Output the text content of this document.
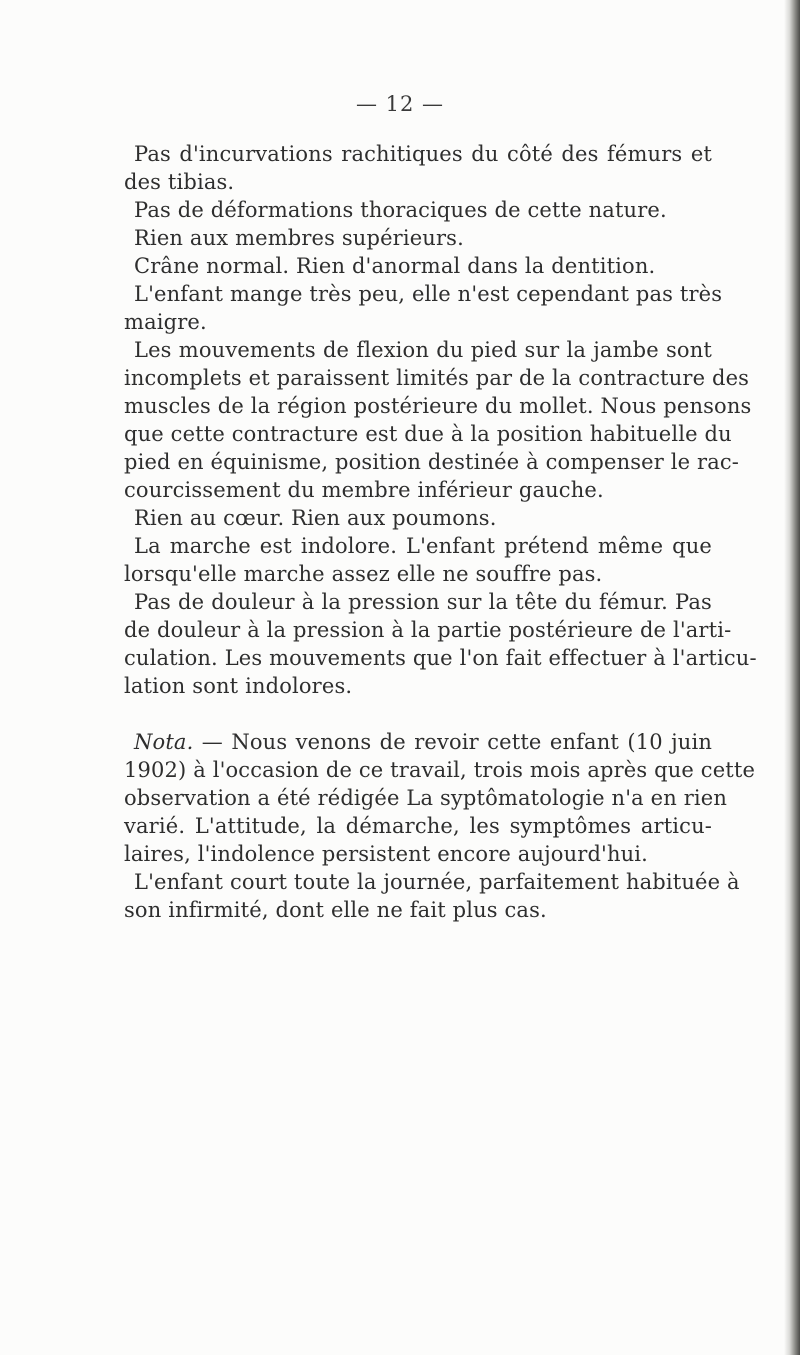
— 12 —
Pas d'incurvations rachitiques du côté des fémurs et
des tibias.
Pas de déformations thoraciques de cette nature.
Rien aux membres supérieurs.
Crâne normal. Rien d'anormal dans la dentition.
L'enfant mange très peu, elle n'est cependant pas très
maigre.
Les mouvements de flexion du pied sur la jambe sont
incomplets et paraissent limités par de la contracture des
muscles de la région postérieure du mollet. Nous pensons
que cette contracture est due à la position habituelle du
pied en équinisme, position destinée à compenser le rac-
courcissement du membre inférieur gauche.
Rien au cœur. Rien aux poumons.
La marche est indolore. L'enfant prétend même que
lorsqu'elle marche assez elle ne souffre pas.
Pas de douleur à la pression sur la tête du fémur. Pas
de douleur à la pression à la partie postérieure de l'arti-
culation. Les mouvements que l'on fait effectuer à l'articu-
lation sont indolores.
Nota. — Nous venons de revoir cette enfant (10 juin
1902) à l'occasion de ce travail, trois mois après que cette
observation a été rédigée La syptômatologie n'a en rien
varié. L'attitude, la démarche, les symptômes articu-
laires, l'indolence persistent encore aujourd'hui.
L'enfant court toute la journée, parfaitement habituée à
son infirmité, dont elle ne fait plus cas.
